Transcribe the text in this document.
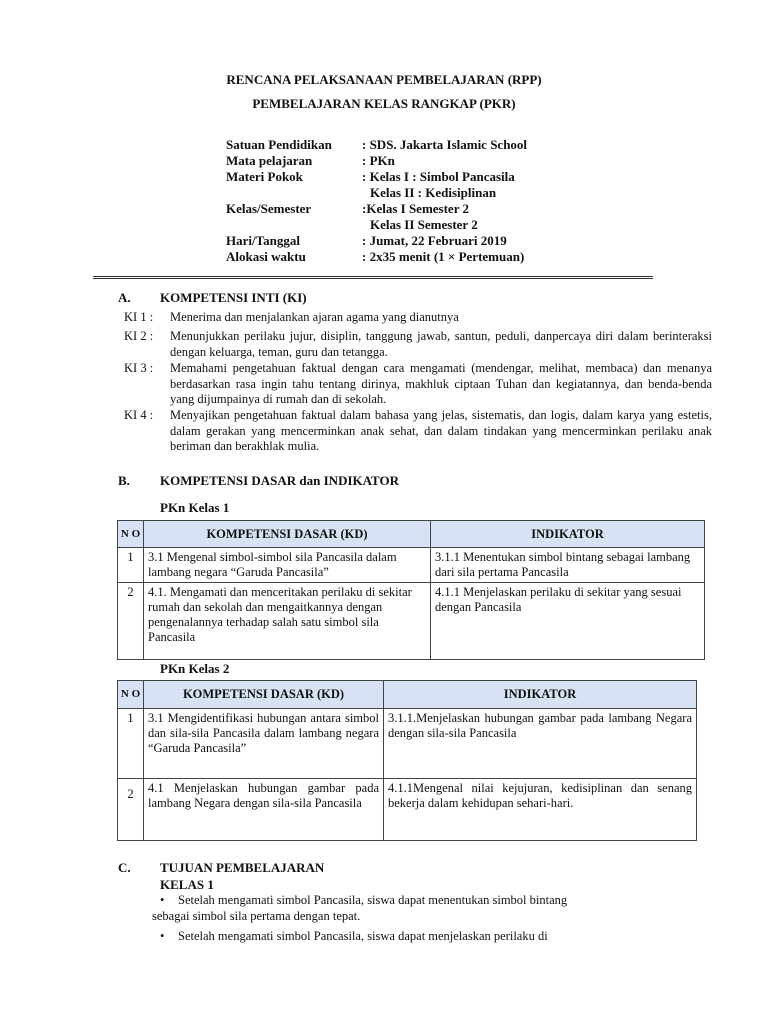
RENCANA PELAKSANAAN PEMBELAJARAN (RPP)
PEMBELAJARAN KELAS RANGKAP (PKR)
Satuan Pendidikan : SDS. Jakarta Islamic School
Mata pelajaran	: PKn
Materi Pokok	: Kelas I : Simbol Pancasila
Kelas II : Kedisiplinan
Kelas/Semester	:Kelas I Semester 2
Kelas II Semester 2
Hari/Tanggal	: Jumat, 22 Februari 2019
Alokasi waktu	: 2x35 menit (1 × Pertemuan)
A. KOMPETENSI INTI (KI)
KI 1 : Menerima dan menjalankan ajaran agama yang dianutnya
KI 2 : Menunjukkan perilaku jujur, disiplin, tanggung jawab, santun, peduli, danpercaya diri dalam berinteraksi dengan keluarga, teman, guru dan tetangga.
KI 3 : Memahami pengetahuan faktual dengan cara mengamati (mendengar, melihat, membaca) dan menanya berdasarkan rasa ingin tahu tentang dirinya, makhluk ciptaan Tuhan dan kegiatannya, dan benda-benda yang dijumpainya di rumah dan di sekolah.
KI 4 : Menyajikan pengetahuan faktual dalam bahasa yang jelas, sistematis, dan logis, dalam karya yang estetis, dalam gerakan yang mencerminkan anak sehat, dan dalam tindakan yang mencerminkan perilaku anak beriman dan berakhlak mulia.
B. KOMPETENSI DASAR dan INDIKATOR
PKn Kelas 1
N O	KOMPETENSI DASAR (KD)	INDIKATOR
1	3.1 Mengenal simbol-simbol sila Pancasila dalam lambang negara “Garuda Pancasila”	3.1.1 Menentukan simbol bintang sebagai lambang dari sila pertama Pancasila
2	4.1. Mengamati dan menceritakan perilaku di sekitar rumah dan sekolah dan mengaitkannya dengan pengenalannya terhadap salah satu simbol sila Pancasila	4.1.1 Menjelaskan perilaku di sekitar yang sesuai dengan Pancasila
PKn Kelas 2
N O	KOMPETENSI DASAR (KD)	INDIKATOR
1	3.1 Mengidentifikasi hubungan antara simbol dan sila-sila Pancasila dalam lambang negara “Garuda Pancasila”	3.1.1.Menjelaskan hubungan gambar pada lambang Negara dengan sila-sila Pancasila
2	4.1 Menjelaskan hubungan gambar pada lambang Negara dengan sila-sila Pancasila	4.1.1Mengenal nilai kejujuran, kedisiplinan dan senang bekerja dalam kehidupan sehari-hari.
C. TUJUAN PEMBELAJARAN
KELAS 1
• Setelah mengamati simbol Pancasila, siswa dapat menentukan simbol bintang
sebagai simbol sila pertama dengan tepat.
• Setelah mengamati simbol Pancasila, siswa dapat menjelaskan perilaku di
